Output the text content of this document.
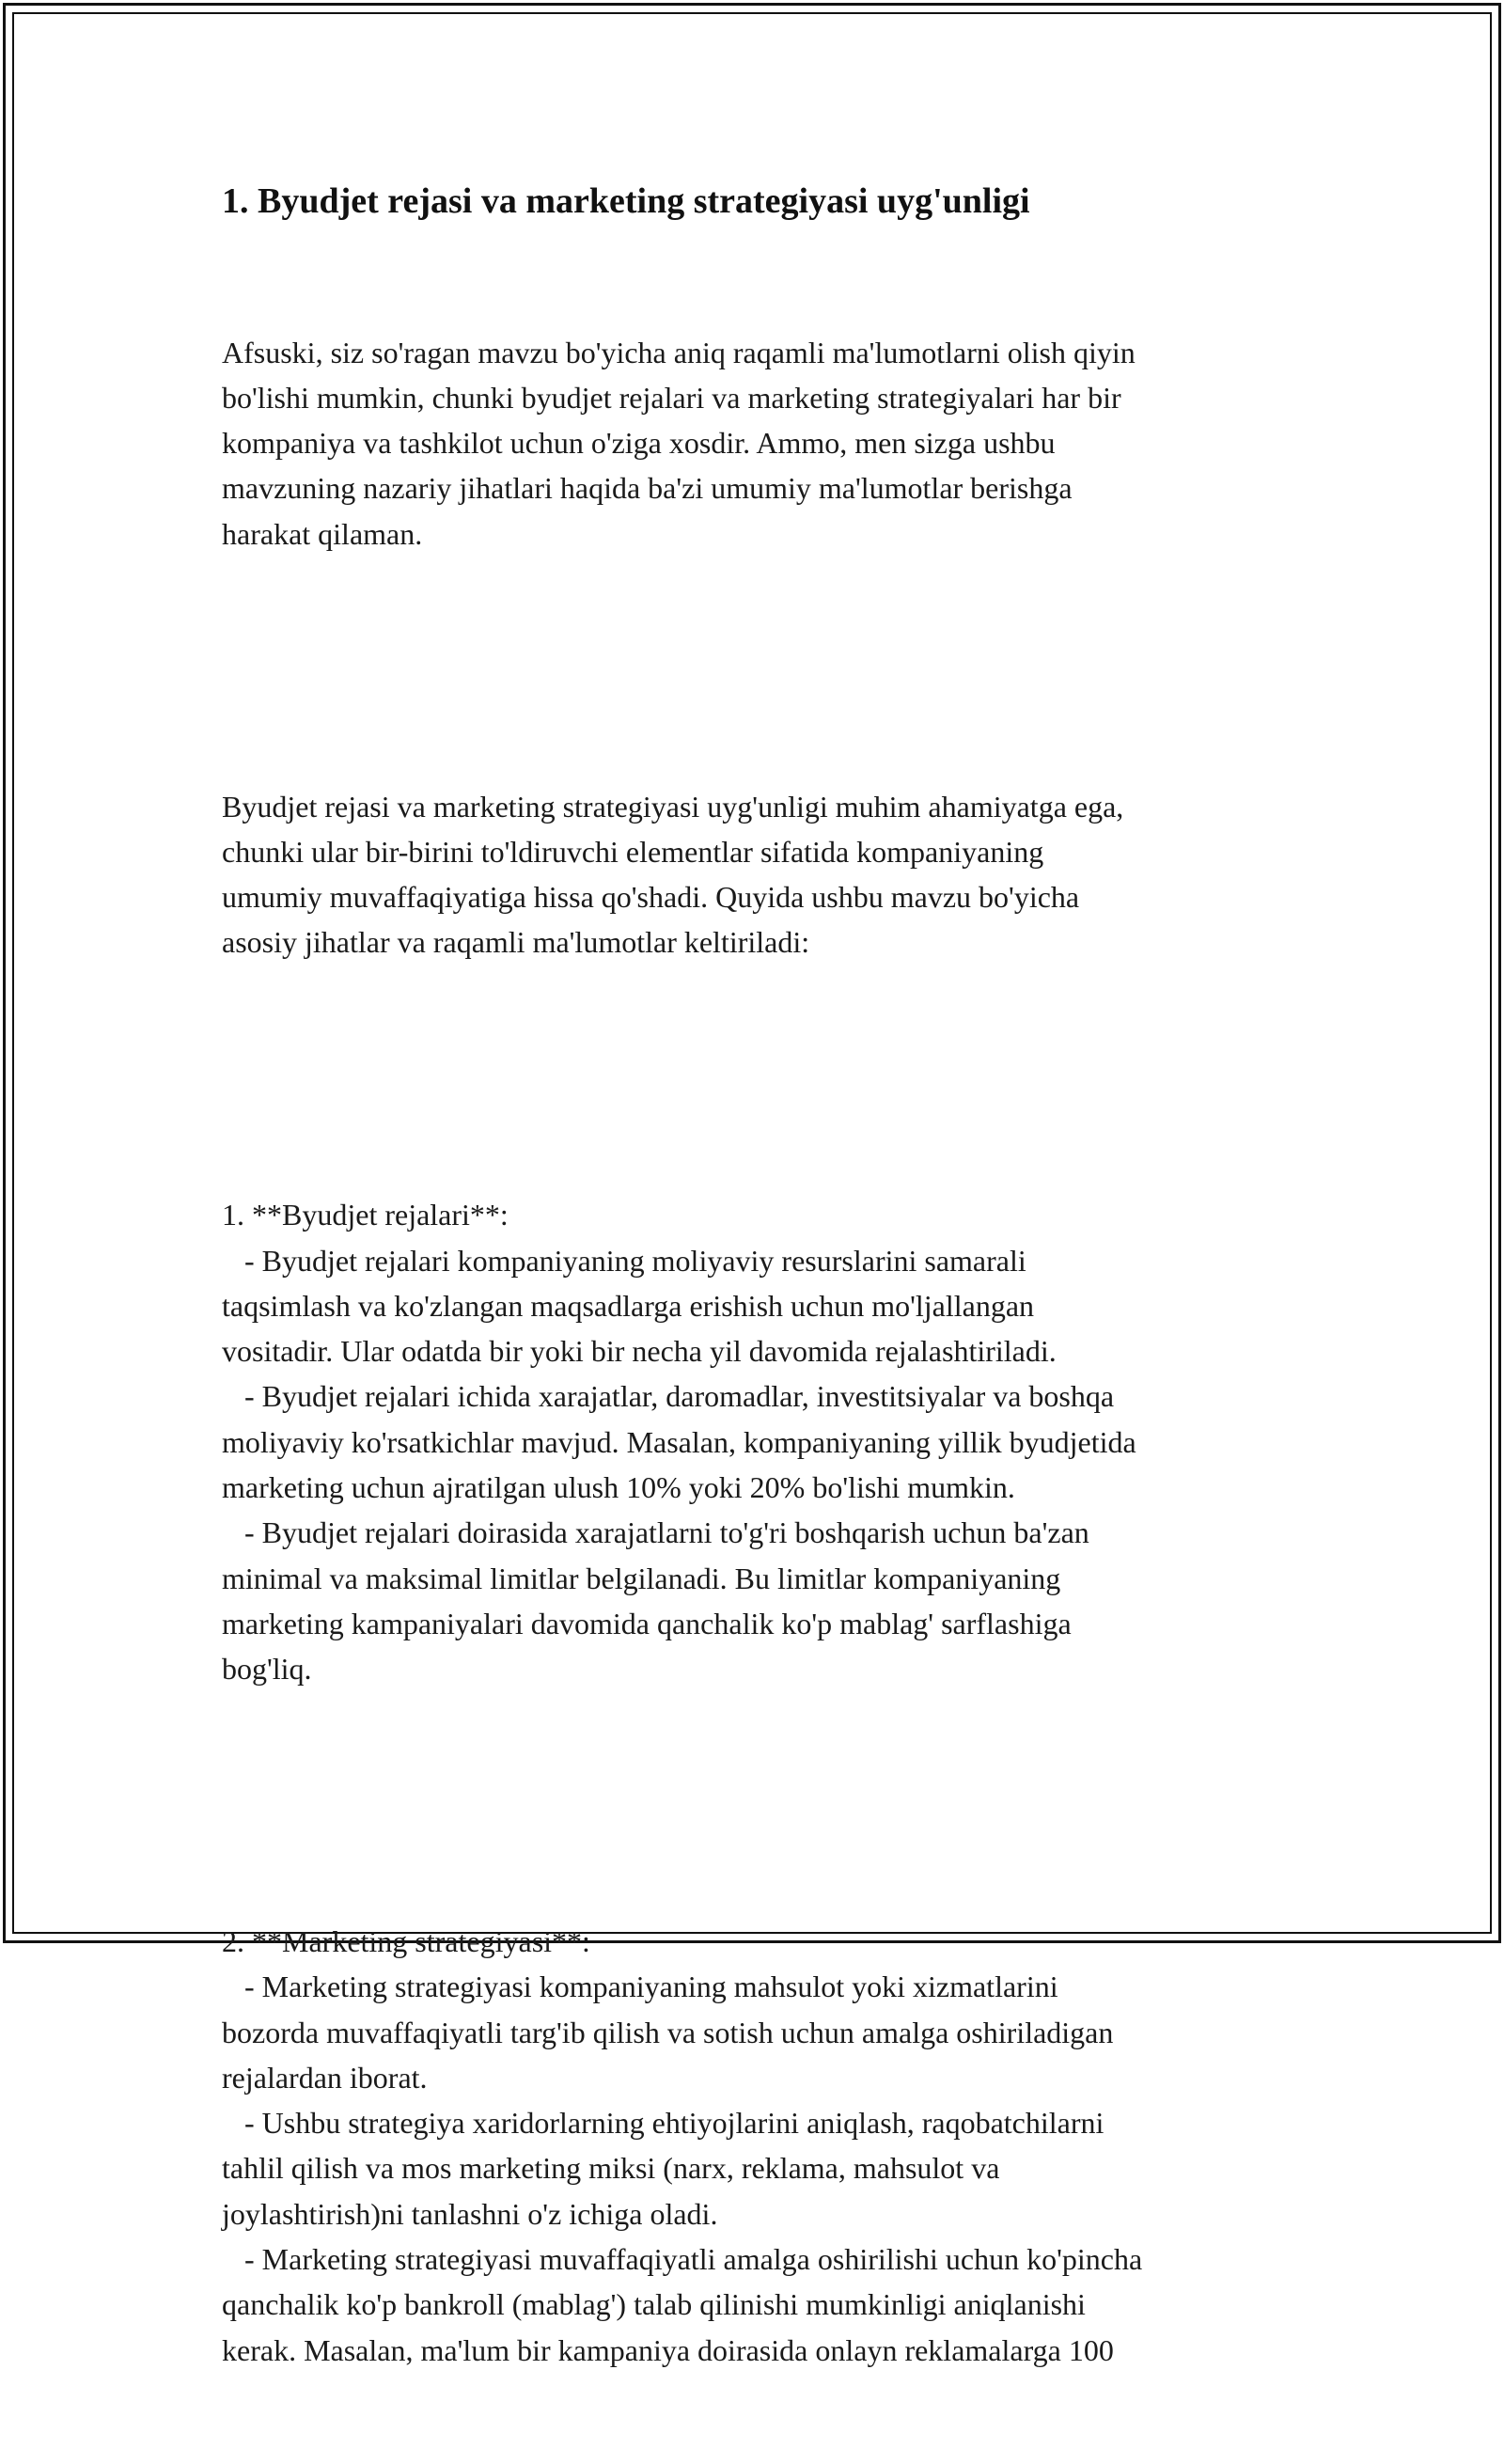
1. Byudjet rejasi va marketing strategiyasi uyg'unligi

Afsuski, siz so'ragan mavzu bo'yicha aniq raqamli ma'lumotlarni olish qiyin
bo'lishi mumkin, chunki byudjet rejalari va marketing strategiyalari har bir
kompaniya va tashkilot uchun o'ziga xosdir. Ammo, men sizga ushbu
mavzuning nazariy jihatlari haqida ba'zi umumiy ma'lumotlar berishga
harakat qilaman.

Byudjet rejasi va marketing strategiyasi uyg'unligi muhim ahamiyatga ega,
chunki ular bir-birini to'ldiruvchi elementlar sifatida kompaniyaning
umumiy muvaffaqiyatiga hissa qo'shadi. Quyida ushbu mavzu bo'yicha
asosiy jihatlar va raqamli ma'lumotlar keltiriladi:

1. **Byudjet rejalari**:
- Byudjet rejalari kompaniyaning moliyaviy resurslarini samarali
taqsimlash va ko'zlangan maqsadlarga erishish uchun mo'ljallangan
vositadir. Ular odatda bir yoki bir necha yil davomida rejalashtiriladi.
- Byudjet rejalari ichida xarajatlar, daromadlar, investitsiyalar va boshqa
moliyaviy ko'rsatkichlar mavjud. Masalan, kompaniyaning yillik byudjetida
marketing uchun ajratilgan ulush 10% yoki 20% bo'lishi mumkin.
- Byudjet rejalari doirasida xarajatlarni to'g'ri boshqarish uchun ba'zan
minimal va maksimal limitlar belgilanadi. Bu limitlar kompaniyaning
marketing kampaniyalari davomida qanchalik ko'p mablag' sarflashiga
bog'liq.

2. **Marketing strategiyasi**:
- Marketing strategiyasi kompaniyaning mahsulot yoki xizmatlarini
bozorda muvaffaqiyatli targ'ib qilish va sotish uchun amalga oshiriladigan
rejalardan iborat.
- Ushbu strategiya xaridorlarning ehtiyojlarini aniqlash, raqobatchilarni
tahlil qilish va mos marketing miksi (narx, reklama, mahsulot va
joylashtirish)ni tanlashni o'z ichiga oladi.
- Marketing strategiyasi muvaffaqiyatli amalga oshirilishi uchun ko'pincha
qanchalik ko'p bankroll (mablag') talab qilinishi mumkinligi aniqlanishi
kerak. Masalan, ma'lum bir kampaniya doirasida onlayn reklamalarga 100
